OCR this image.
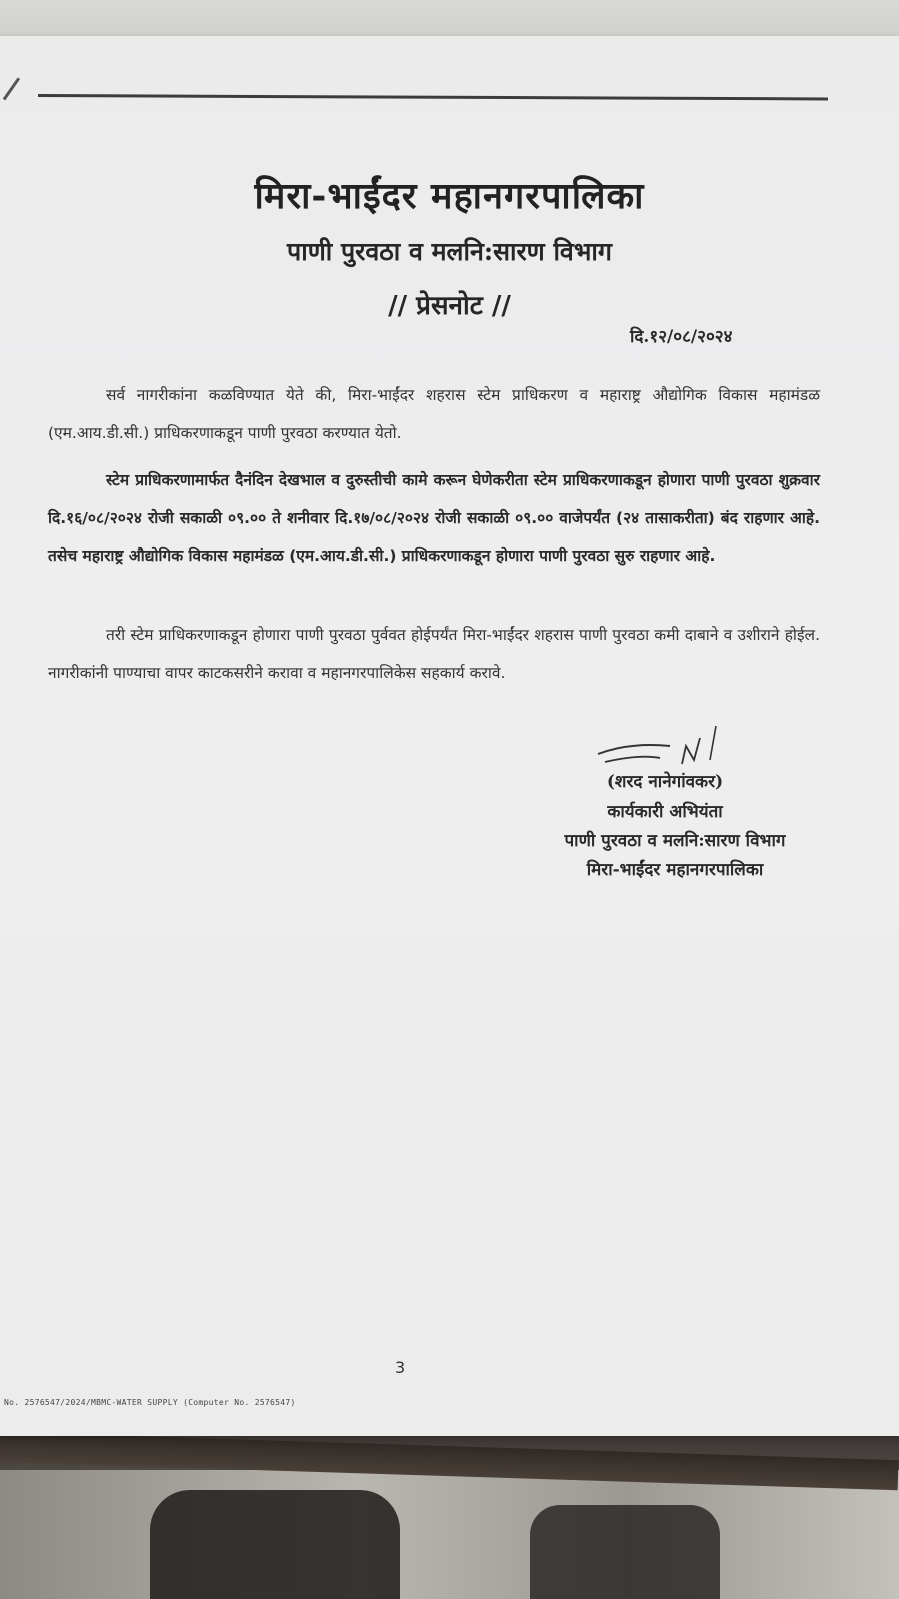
मिरा-भाईंदर महानगरपालिका
पाणी पुरवठा व मलनि:सारण विभाग
// प्रेसनोट //
दि.१२/०८/२०२४
सर्व नागरीकांना कळविण्यात येते की, मिरा-भाईंदर शहरास स्टेम प्राधिकरण व महाराष्ट्र औद्योगिक विकास महामंडळ (एम.आय.डी.सी.) प्राधिकरणाकडून पाणी पुरवठा करण्यात येतो.
स्टेम प्राधिकरणामार्फत दैनंदिन देखभाल व दुरुस्तीची कामे करून घेणेकरीता स्टेम प्राधिकरणाकडून होणारा पाणी पुरवठा शुक्रवार दि.१६/०८/२०२४ रोजी सकाळी ०९.०० ते शनीवार दि.१७/०८/२०२४ रोजी सकाळी ०९.०० वाजेपर्यंत (२४ तासाकरीता) बंद राहणार आहे. तसेच महाराष्ट्र औद्योगिक विकास महामंडळ (एम.आय.डी.सी.) प्राधिकरणाकडून होणारा पाणी पुरवठा सुरु राहणार आहे.
तरी स्टेम प्राधिकरणाकडून होणारा पाणी पुरवठा पुर्ववत होईपर्यंत मिरा-भाईंदर शहरास पाणी पुरवठा कमी दाबाने व उशीराने होईल. नागरीकांनी पाण्याचा वापर काटकसरीने करावा व महानगरपालिकेस सहकार्य करावे.
(शरद नानेगांवकर)
कार्यकारी अभियंता
पाणी पुरवठा व मलनि:सारण विभाग
मिरा-भाईंदर महानगरपालिका
3
No. 2576547/2024/MBMC-WATER SUPPLY (Computer No. 2576547)
